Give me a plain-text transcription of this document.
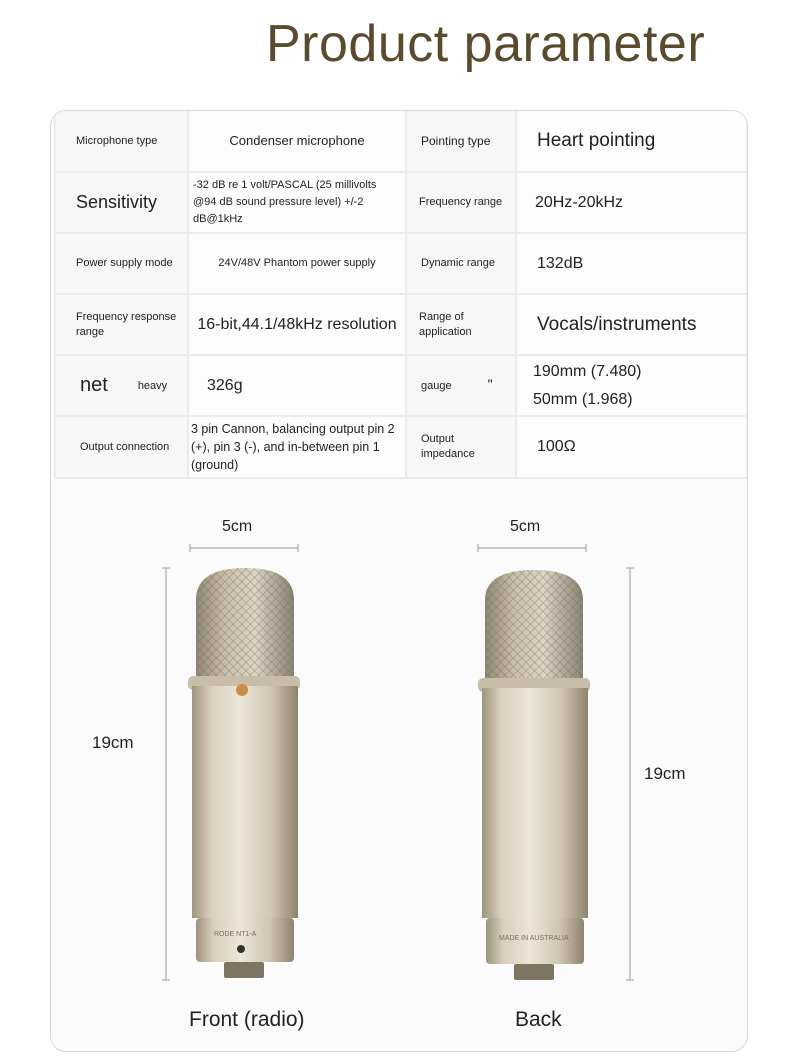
Product parameter
Microphone type	Condenser microphone	Pointing type	Heart pointing
Sensitivity	-32 dB re 1 volt/PASCAL (25 millivolts @94 dB sound pressure level) +/-2 dB@1kHz	Frequency range	20Hz-20kHz
Power supply mode	24V/48V Phantom power supply	Dynamic range	132dB
Frequency response range	16-bit,44.1/48kHz resolution	Range of application	Vocals/instruments
net heavy	326g	gauge "	190mm (7.480)
50mm (1.968)

Output connection	3 pin Cannon, balancing output pin 2 (+), pin 3 (-), and in-between pin 1 (ground)	Output impedance	100Ω
RODE NT1-A
MADE IN AUSTRALIA
5cm	5cm
19cm
19cm
Front (radio)	Back
